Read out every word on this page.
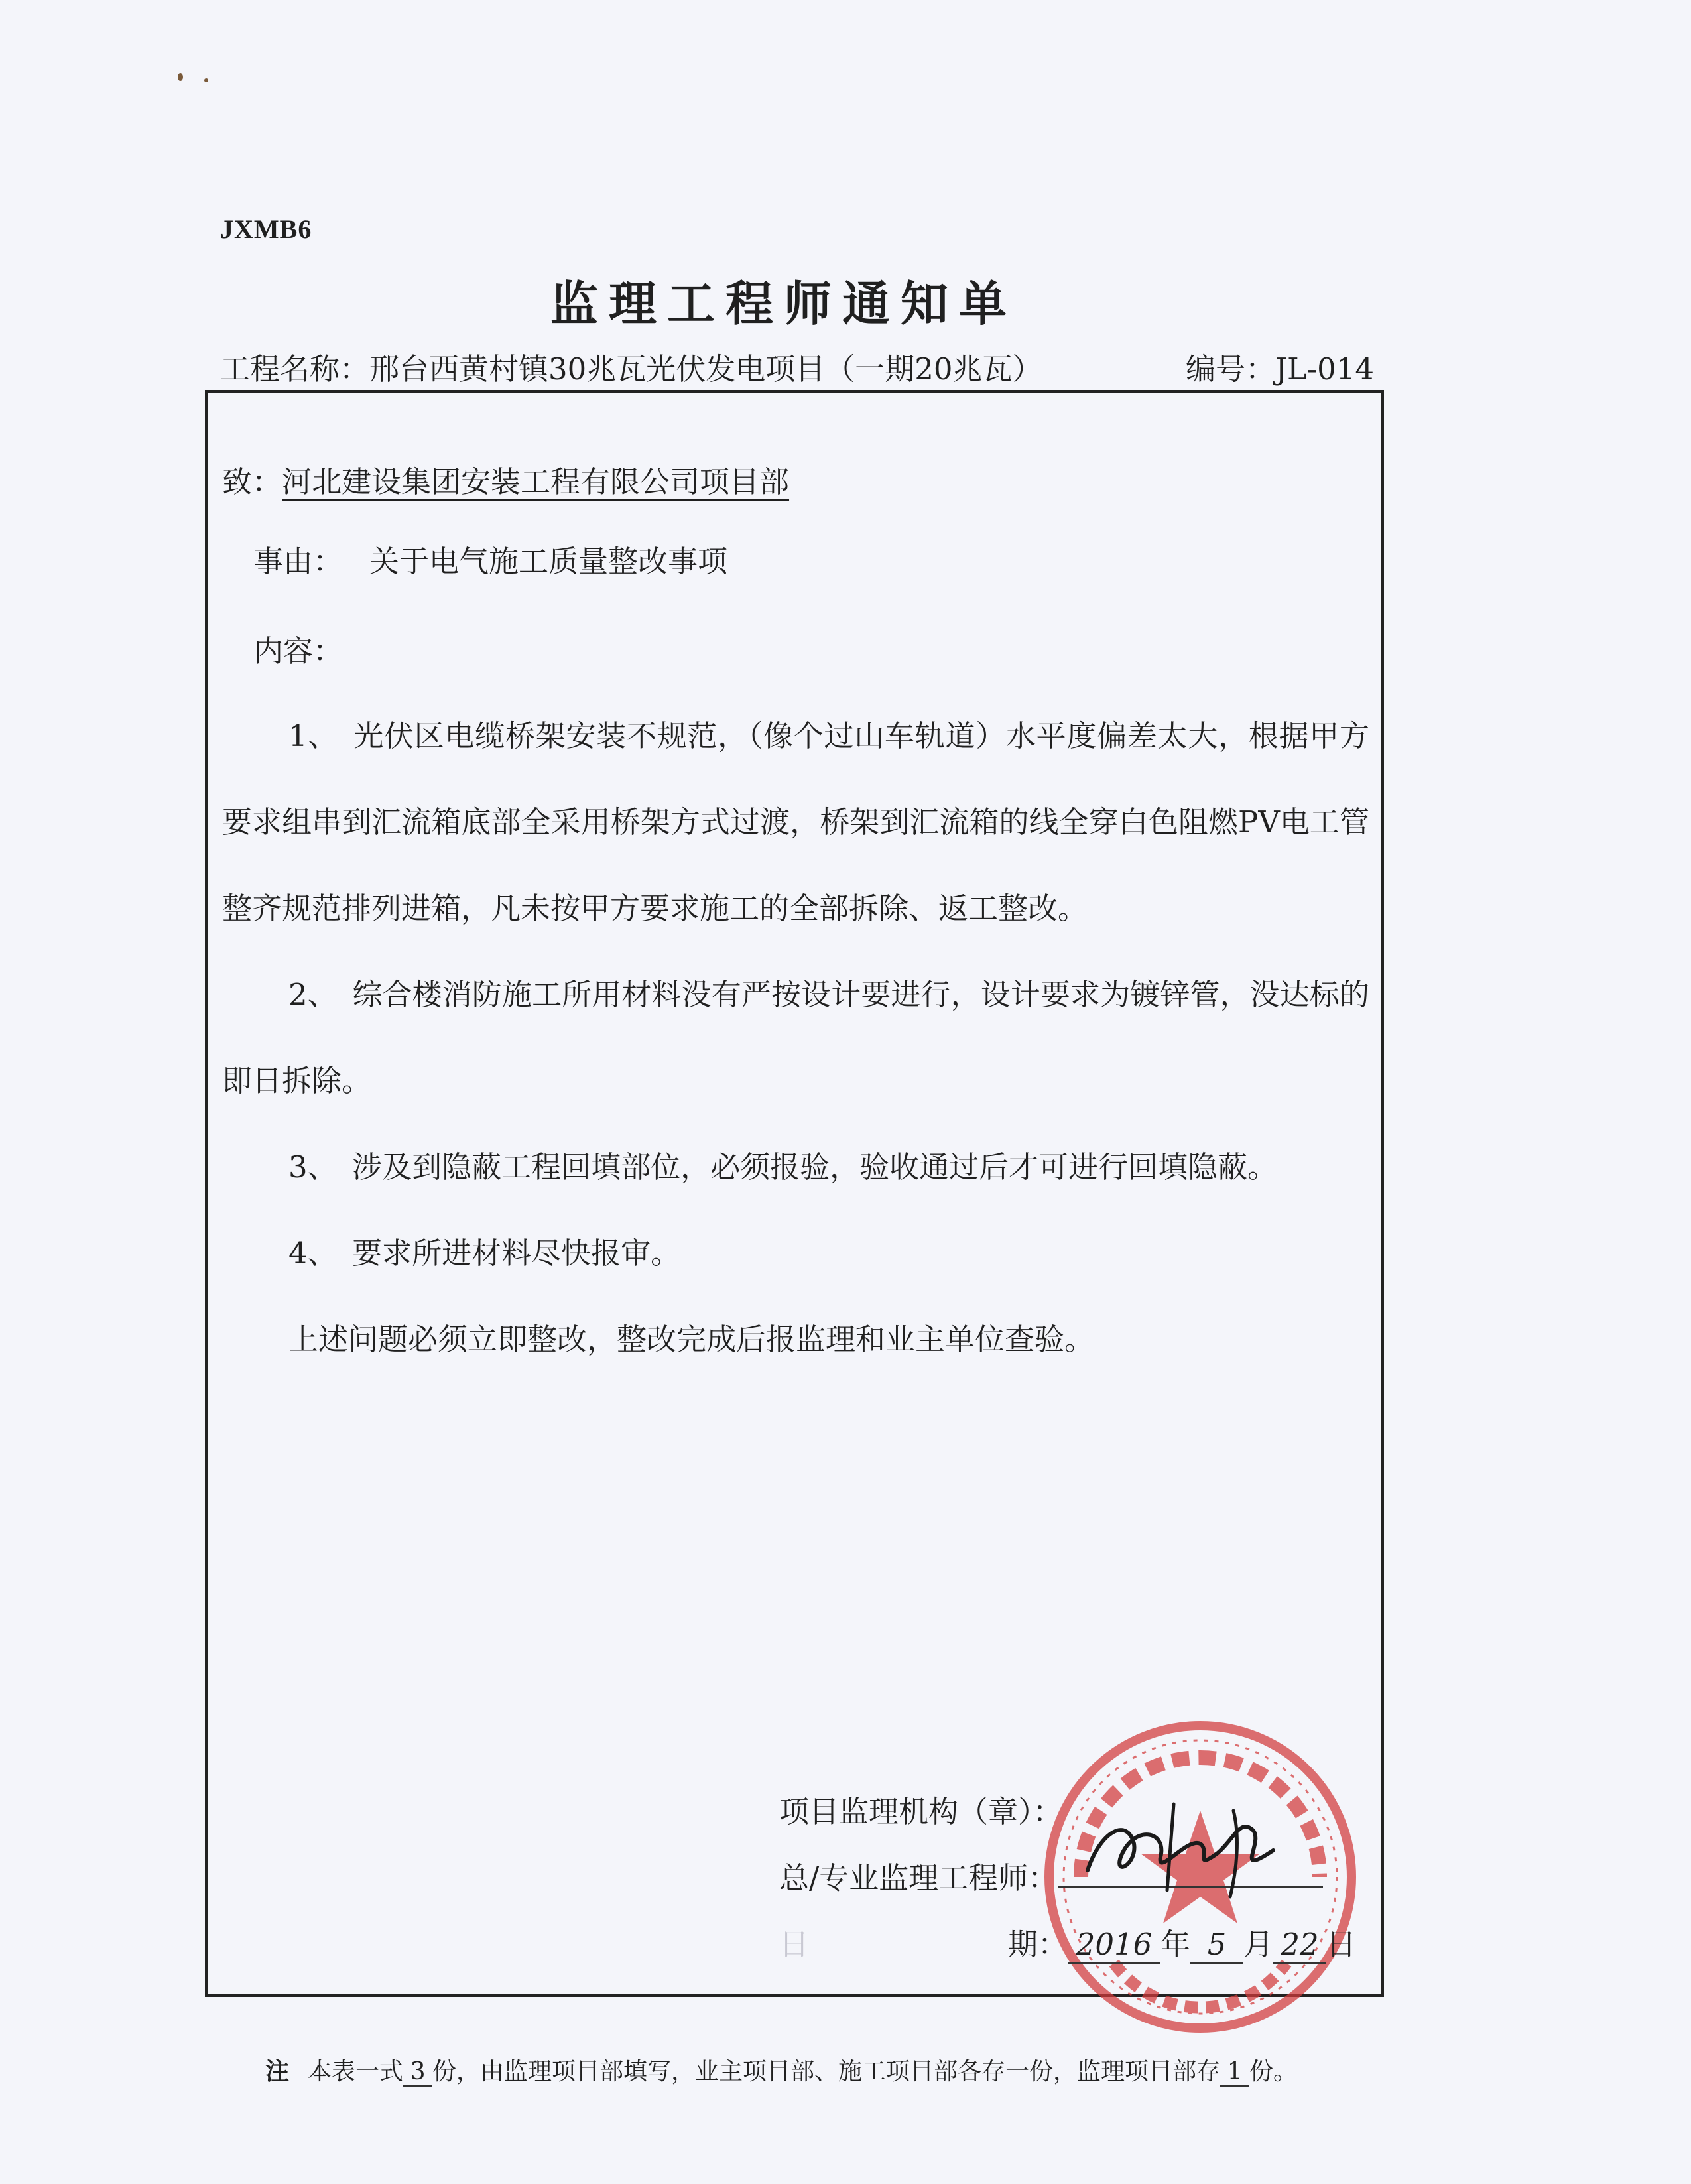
JXMB6
监理工程师通知单
工程名称：邢台西黄村镇30兆瓦光伏发电项目（一期20兆瓦）	编号：JL-014
致：河北建设集团安装工程有限公司项目部
事由： 关于电气施工质量整改事项
内容：
1、　光伏区电缆桥架安装不规范，（像个过山车轨道）水平度偏差太大，根据甲方要求组串到汇流箱底部全采用桥架方式过渡，桥架到汇流箱的线全穿白色阻燃PV电工管整齐规范排列进箱，凡未按甲方要求施工的全部拆除、返工整改。
2、　综合楼消防施工所用材料没有严按设计要进行，设计要求为镀锌管，没达标的即日拆除。
3、　涉及到隐蔽工程回填部位，必须报验，验收通过后才可进行回填隐蔽。
4、　要求所进材料尽快报审。
上述问题必须立即整改，整改完成后报监理和业主单位查验。
项目监理机构（章）：
总/专业监理工程师：
日	期： 2016 年 5 月 22 日
注 本表一式 3 份，由监理项目部填写，业主项目部、施工项目部各存一份，监理项目部存 1 份。
